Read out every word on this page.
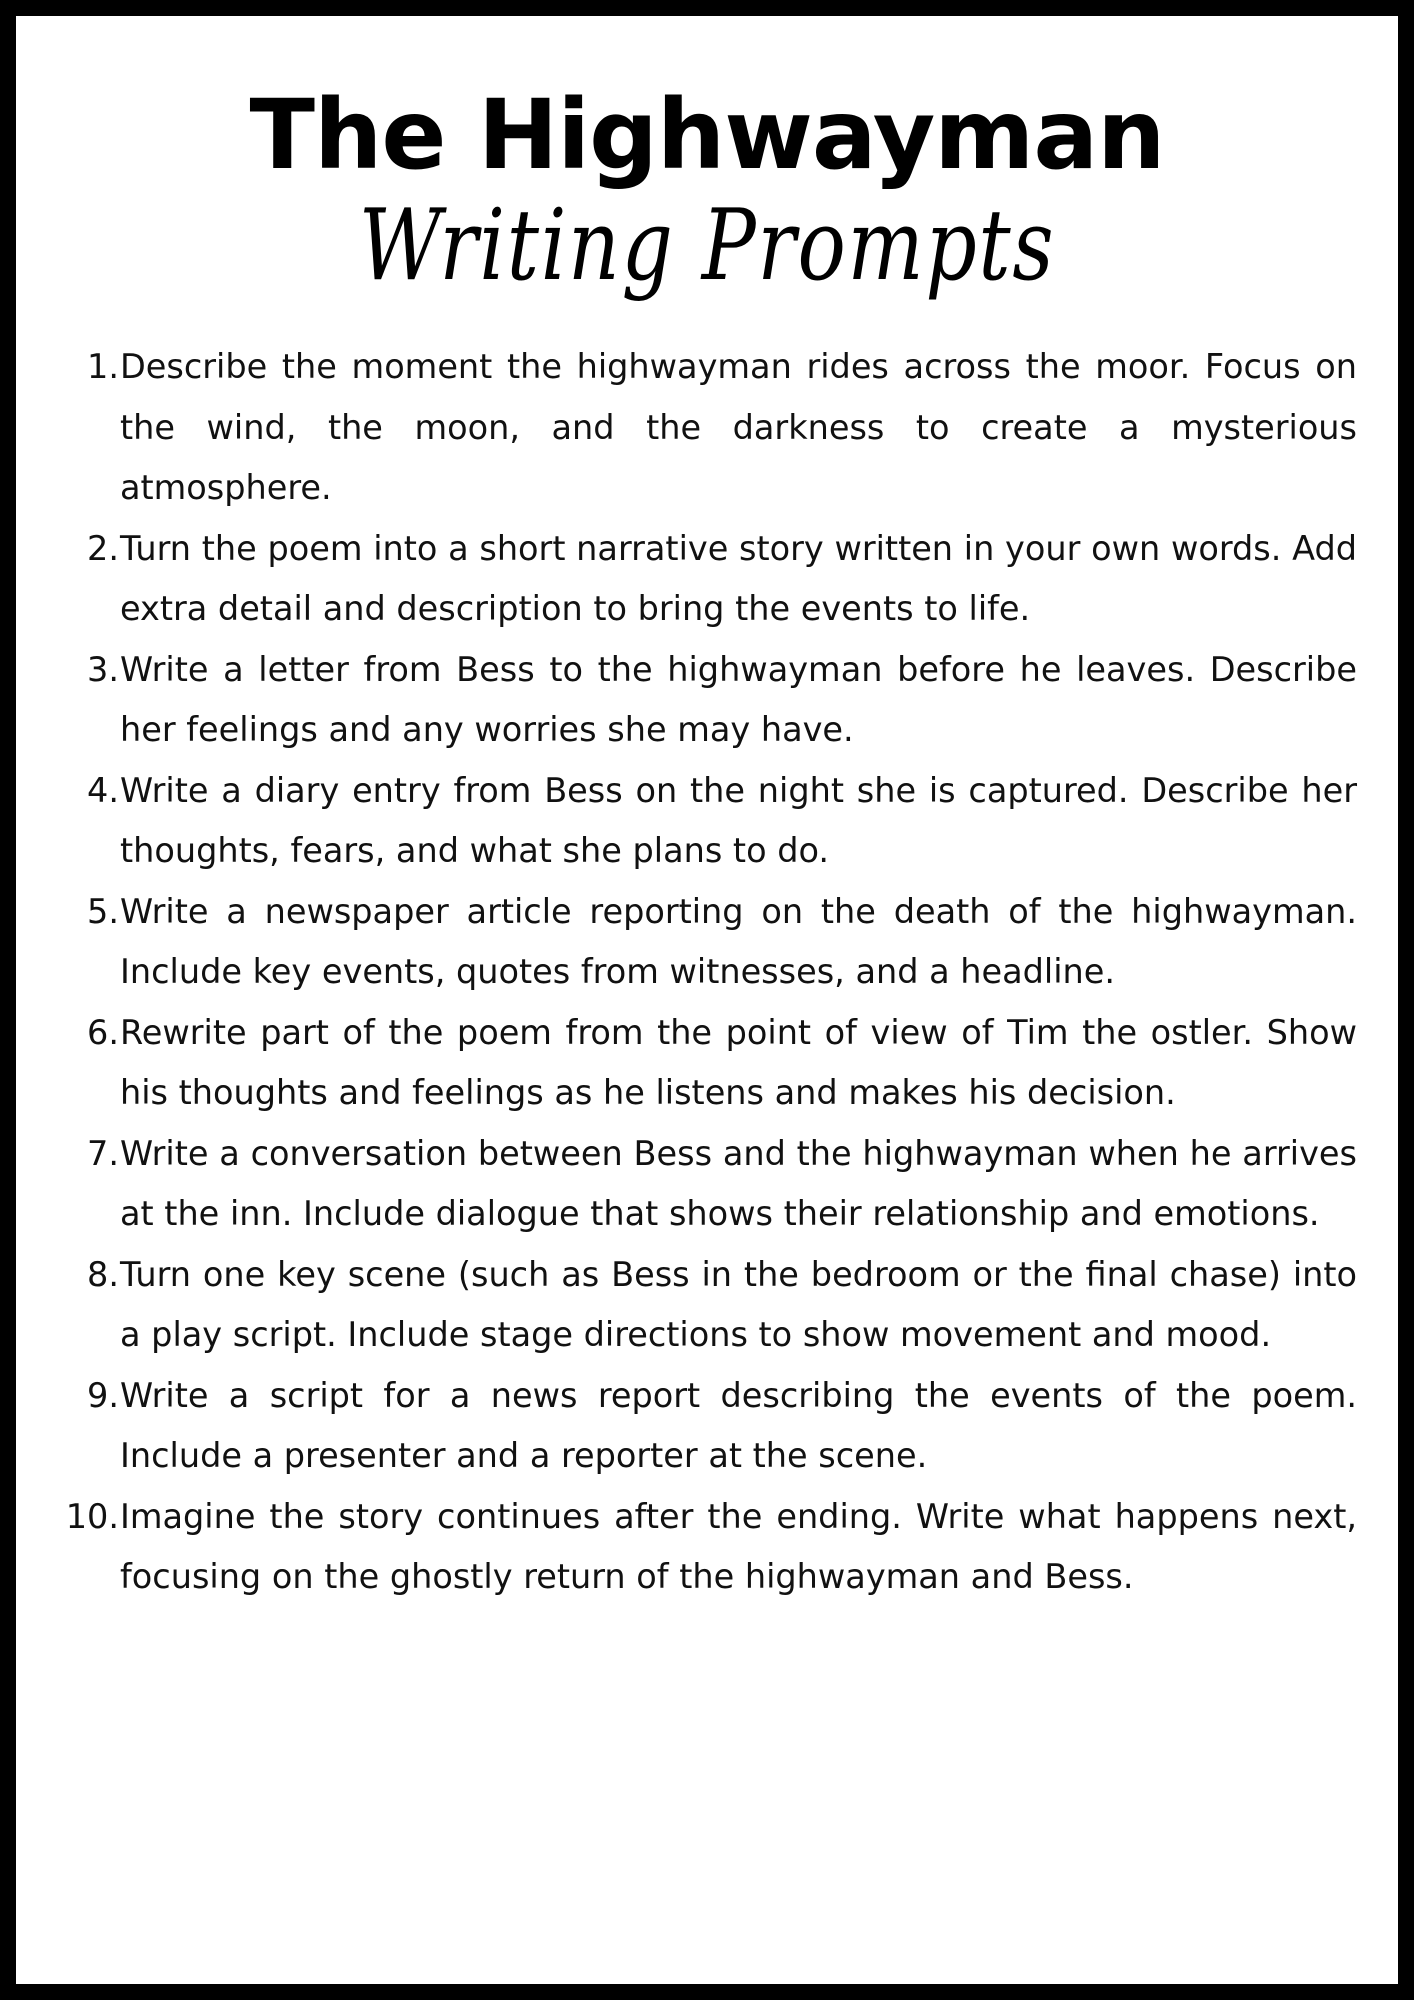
The Highwayman
Writing Prompts
1. Describe the moment the highwayman rides across the moor. Focus on the wind, the moon, and the darkness to create a mysterious atmosphere.
2. Turn the poem into a short narrative story written in your own words. Add extra detail and description to bring the events to life.
3. Write a letter from Bess to the highwayman before he leaves. Describe her feelings and any worries she may have.
4. Write a diary entry from Bess on the night she is captured. Describe her thoughts, fears, and what she plans to do.
5. Write a newspaper article reporting on the death of the highwayman. Include key events, quotes from witnesses, and a headline.
6. Rewrite part of the poem from the point of view of Tim the ostler. Show his thoughts and feelings as he listens and makes his decision.
7. Write a conversation between Bess and the highwayman when he arrives at the inn. Include dialogue that shows their relationship and emotions.
8. Turn one key scene (such as Bess in the bedroom or the final chase) into a play script. Include stage directions to show movement and mood.
9. Write a script for a news report describing the events of the poem. Include a presenter and a reporter at the scene.
10. Imagine the story continues after the ending. Write what happens next, focusing on the ghostly return of the highwayman and Bess.
